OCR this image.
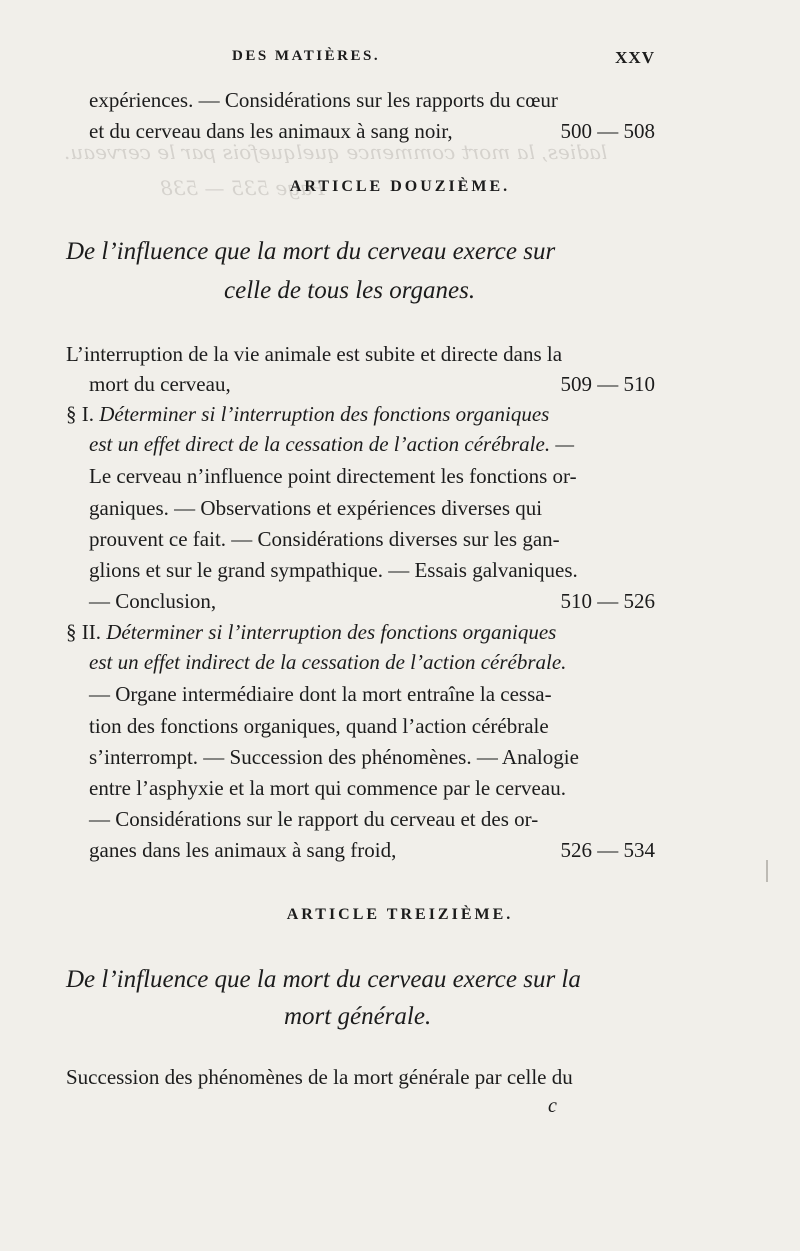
ladies, la mort commence quelquefois par le cerveau.
Page 535 — 538
DES MATIÈRES.	XXV
expériences. — Considérations sur les rapports du cœur
et du cerveau dans les animaux à sang noir,	500 — 508
ARTICLE DOUZIÈME.
De l’influence que la mort du cerveau exerce sur
celle de tous les organes.
L’interruption de la vie animale est subite et directe dans la
mort du cerveau,	509 — 510
§ I. Déterminer si l’interruption des fonctions organiques
est un effet direct de la cessation de l’action cérébrale. —
Le cerveau n’influence point directement les fonctions or-
ganiques. — Observations et expériences diverses qui
prouvent ce fait. — Considérations diverses sur les gan-
glions et sur le grand sympathique. — Essais galvaniques.
— Conclusion,	510 — 526
§ II. Déterminer si l’interruption des fonctions organiques
est un effet indirect de la cessation de l’action cérébrale.
— Organe intermédiaire dont la mort entraîne la cessa-
tion des fonctions organiques, quand l’action cérébrale
s’interrompt. — Succession des phénomènes. — Analogie
entre l’asphyxie et la mort qui commence par le cerveau.
— Considérations sur le rapport du cerveau et des or-
ganes dans les animaux à sang froid,	526 — 534
ARTICLE TREIZIÈME.
De l’influence que la mort du cerveau exerce sur la
mort générale.
Succession des phénomènes de la mort générale par celle du
c
